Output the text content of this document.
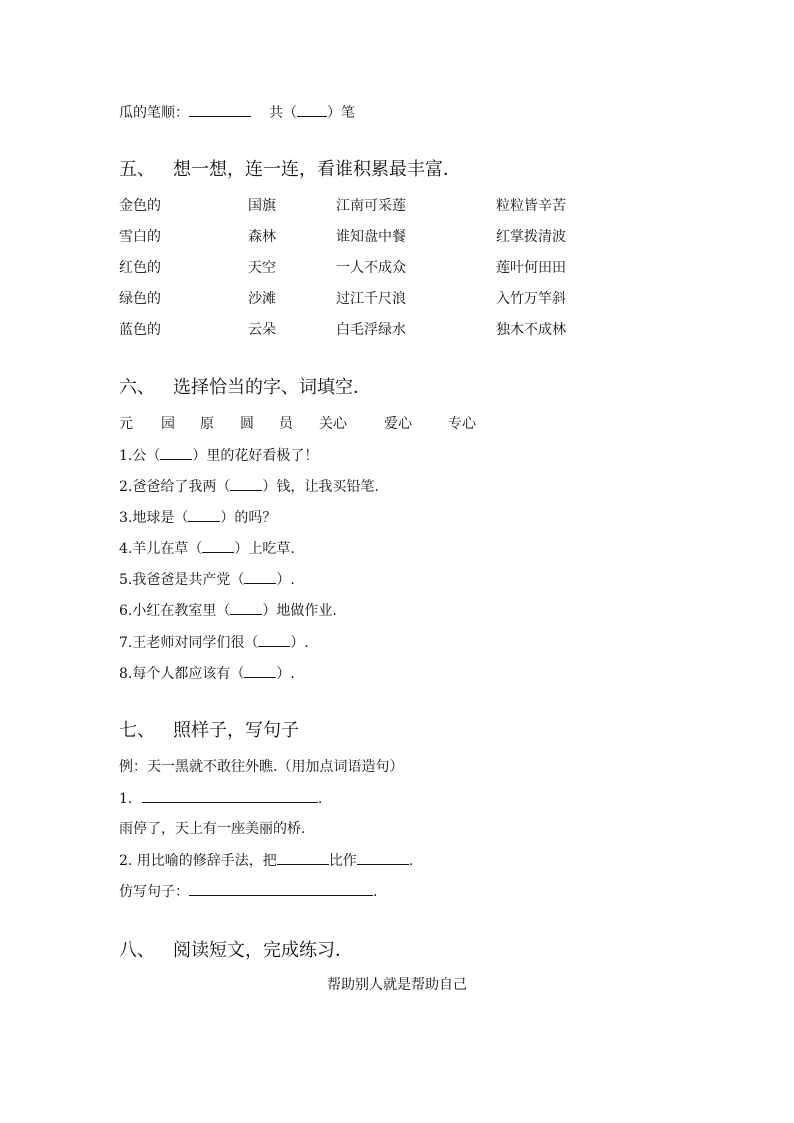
瓜的笔顺：	共（ ）笔
五、 想一想，连一连，看谁积累最丰富．
金色的	国旗	江南可采莲	粒粒皆辛苦
雪白的	森林	谁知盘中餐	红掌拨清波
红色的	天空	一人不成众	莲叶何田田
绿色的	沙滩	过江千尺浪	入竹万竿斜
蓝色的	云朵	白毛浮绿水	独木不成林
六、 选择恰当的字、词填空．
元 园 原 圆 员 关心	爱心	专心
1.公（ ）里的花好看极了！
2.爸爸给了我两（ ）钱，让我买铅笔.
3.地球是（ ）的吗？
4.羊儿在草（ ）上吃草.
5.我爸爸是共产党（ ）.
6.小红在教室里（ ）地做作业.
7.王老师对同学们很（ ）.
8.每个人都应该有（ ）.
七、 照样子，写句子
例：天一黑就不敢往外瞧.（用加点词语造句）
1．	.
雨停了，天上有一座美丽的桥.
2. 用比喻的修辞手法，把	比作	.
仿写句子：	.
八、 阅读短文，完成练习．
帮助别人就是帮助自己
